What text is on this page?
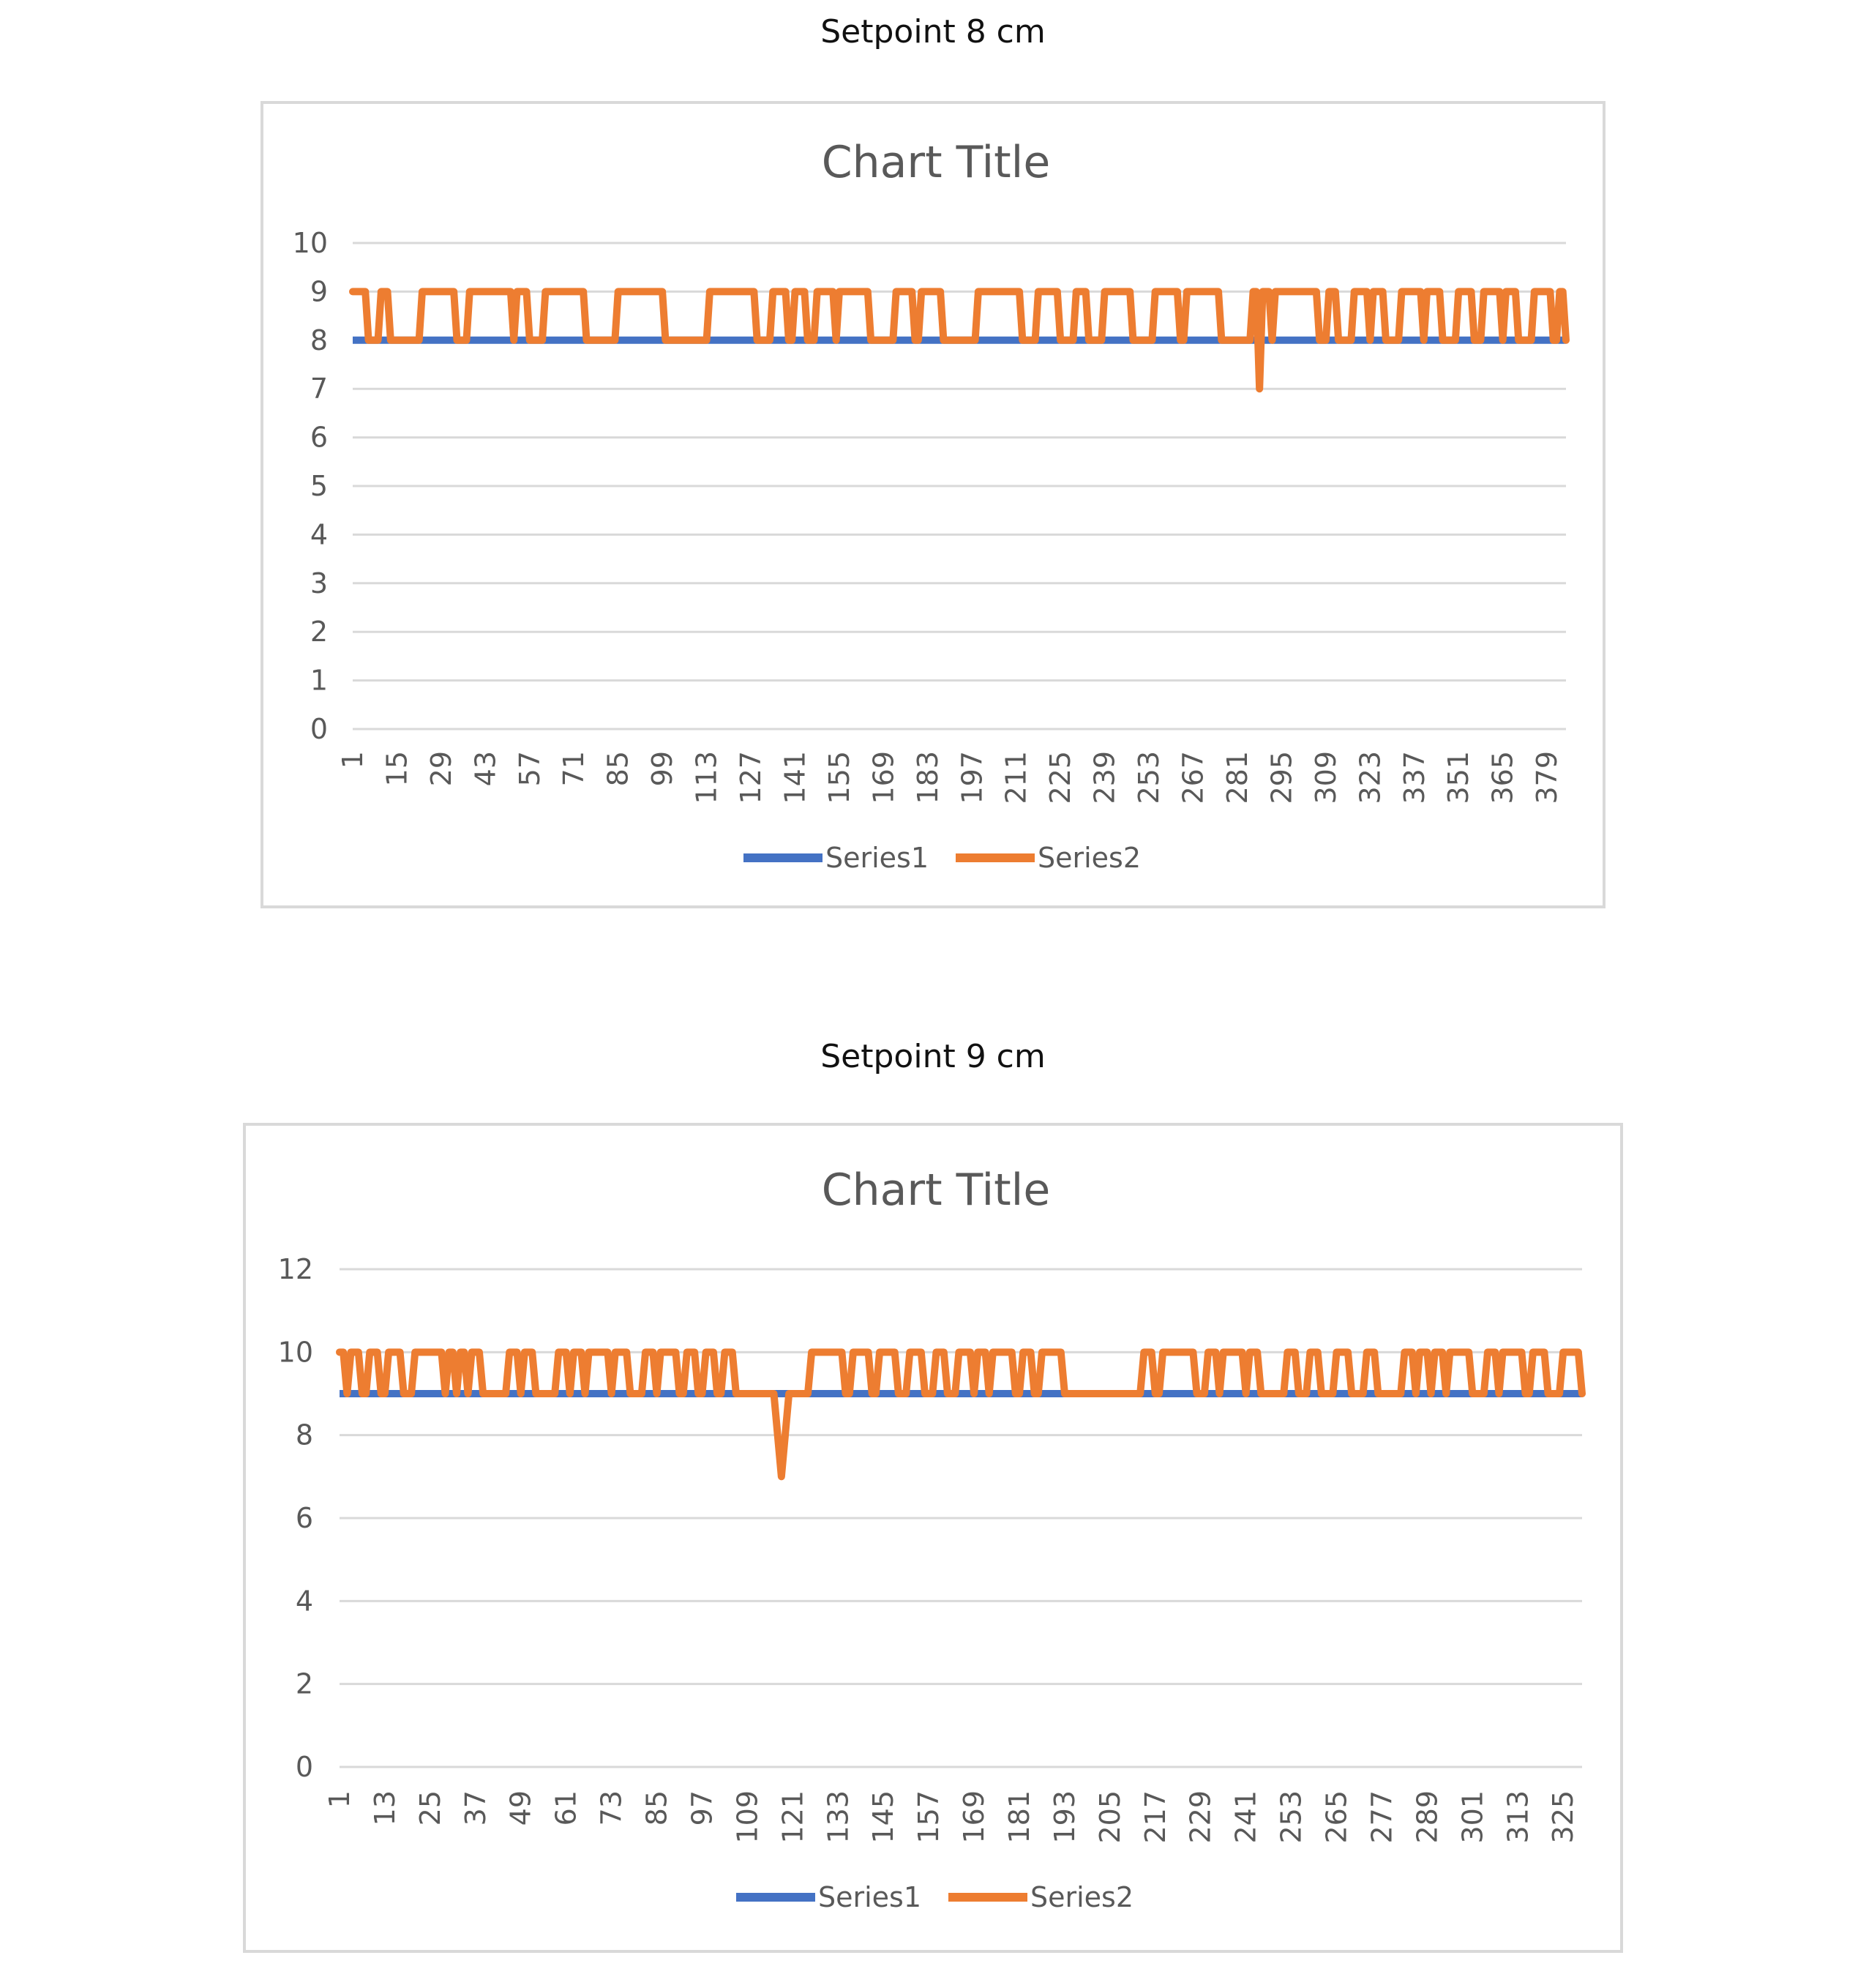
Setpoint 8 cm
Chart Title
0
1
2
3
4
5
6
7
8
9
10
1 15 29 43 57 71 85 99 113 127 141 155 169 183 197 211 225 239 253 267 281 295 309 323 337 351 365 379
Series1	Series2
Setpoint 9 cm
Chart Title
0
2
4
6
8
10
12
1 13 25 37 49 61 73 85 97 109 121 133 145 157 169 181 193 205 217 229 241 253 265 277 289 301 313 325
Series1	Series2
